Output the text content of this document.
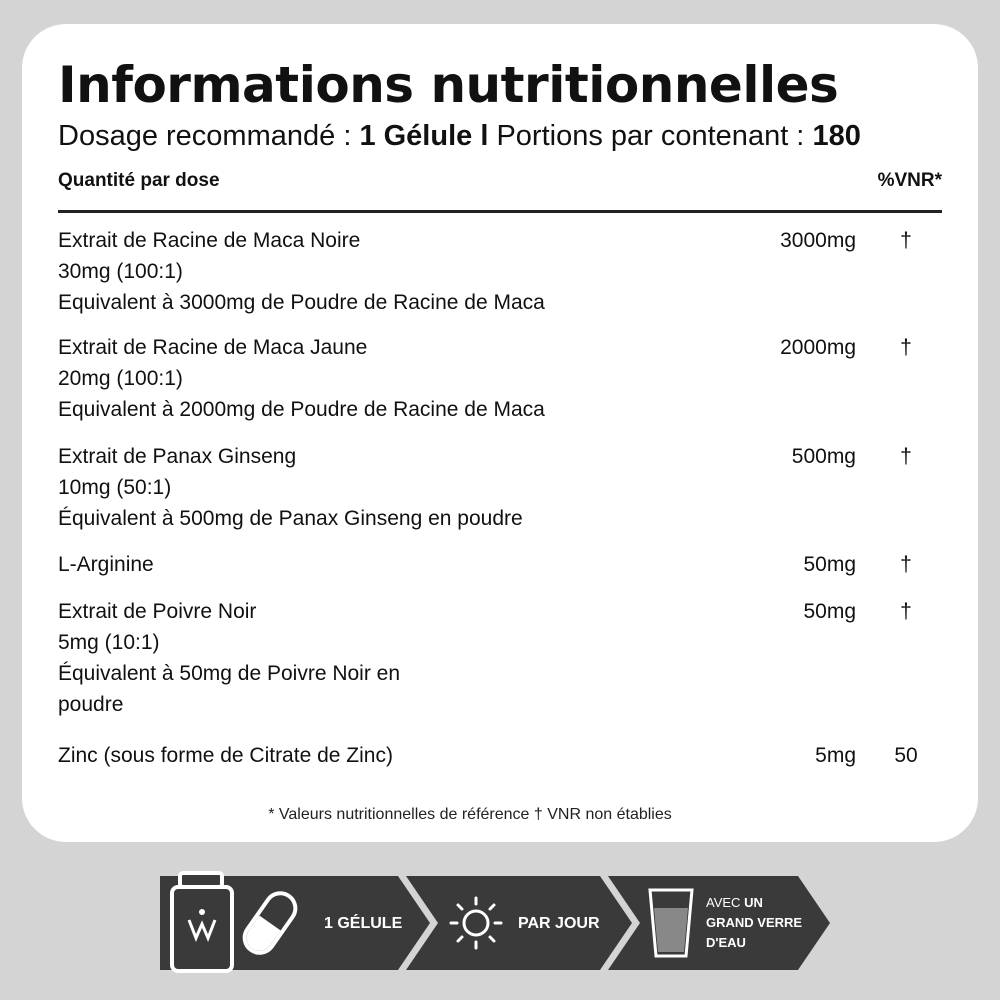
Informations nutritionnelles
Dosage recommandé : 1 Gélule l Portions par contenant : 180
Quantité par dose	%VNR*
Extrait de Racine de Maca Noire
30mg (100:1)
Equivalent à 3000mg de Poudre de Racine de Maca
3000mg	†
Extrait de Racine de Maca Jaune
20mg (100:1)
Equivalent à 2000mg de Poudre de Racine de Maca
2000mg	†
Extrait de Panax Ginseng
10mg (50:1)
Équivalent à 500mg de Panax Ginseng en poudre
500mg	†
L-Arginine	50mg	†
Extrait de Poivre Noir
5mg (10:1)
Équivalent à 50mg de Poivre Noir en
poudre
50mg	†
Zinc (sous forme de Citrate de Zinc)	5mg	50
* Valeurs nutritionnelles de référence † VNR non établies
1 GÉLULE	PAR JOUR
AVEC UN
GRAND VERRE
D'EAU
